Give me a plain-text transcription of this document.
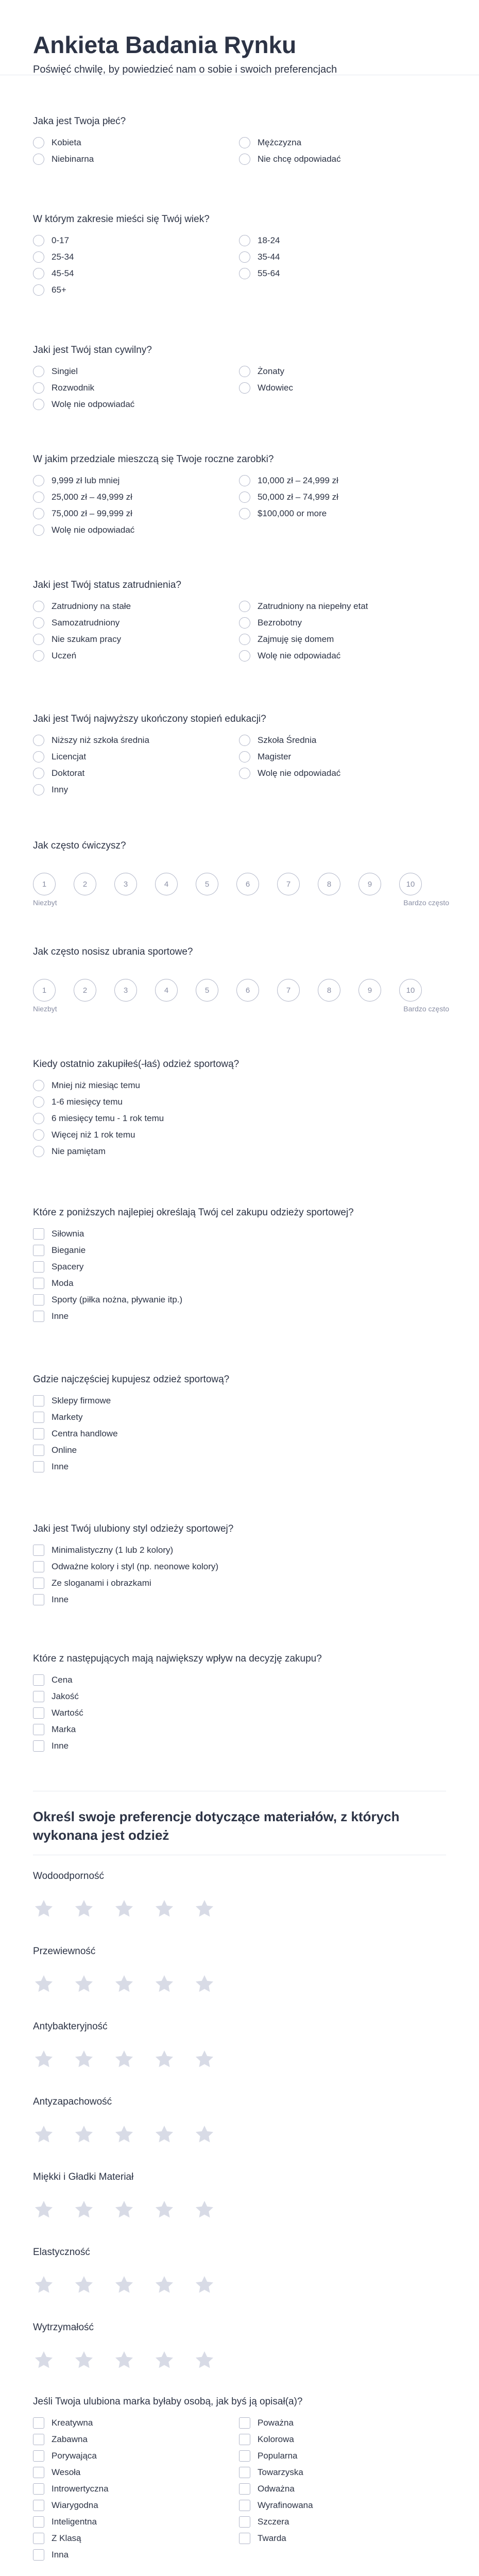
Ankieta Badania Rynku

Poświęć chwilę, by powiedzieć nam o sobie i swoich preferencjach

Jaka jest Twoja płeć?
Kobieta	Mężczyzna
Niebinarna	Nie chcę odpowiadać
W którym zakresie mieści się Twój wiek?
0-17	18-24
25-34	35-44
45-54	55-64
65+
Jaki jest Twój stan cywilny?
Singiel	Żonaty
Rozwodnik	Wdowiec
Wolę nie odpowiadać
W jakim przedziale mieszczą się Twoje roczne zarobki?
9,999 zł lub mniej	10,000 zł – 24,999 zł
25,000 zł – 49,999 zł	50,000 zł – 74,999 zł
75,000 zł – 99,999 zł	$100,000 or more
Wolę nie odpowiadać
Jaki jest Twój status zatrudnienia?
Zatrudniony na stałe	Zatrudniony na niepełny etat
Samozatrudniony	Bezrobotny
Nie szukam pracy	Zajmuję się domem
Uczeń	Wolę nie odpowiadać
Jaki jest Twój najwyższy ukończony stopień edukacji?
Niższy niż szkoła średnia	Szkoła Średnia
Licencjat	Magister
Doktorat	Wolę nie odpowiadać
Inny
Jak często ćwiczysz?
1	2	3	4	5	6	7	8	9	10
Niezbyt	Bardzo często
Jak często nosisz ubrania sportowe?
1	2	3	4	5	6	7	8	9	10
Niezbyt	Bardzo często
Kiedy ostatnio zakupiłeś(-łaś) odzież sportową?
Mniej niż miesiąc temu
1-6 miesięcy temu
6 miesięcy temu - 1 rok temu
Więcej niż 1 rok temu
Nie pamiętam
Które z poniższych najlepiej określają Twój cel zakupu odzieży sportowej?
Siłownia
Bieganie
Spacery
Moda
Sporty (piłka nożna, pływanie itp.)
Inne
Gdzie najczęściej kupujesz odzież sportową?
Sklepy firmowe
Markety
Centra handlowe
Online
Inne
Jaki jest Twój ulubiony styl odzieży sportowej?
Minimalistyczny (1 lub 2 kolory)
Odważne kolory i styl (np. neonowe kolory)
Ze sloganami i obrazkami
Inne
Które z następujących mają największy wpływ na decyzję zakupu?
Cena
Jakość
Wartość
Marka
Inne
Określ swoje preferencje dotyczące materiałów, z których wykonana jest odzież
Wodoodporność
Przewiewność
Antybakteryjność
Antyzapachowość
Miękki i Gładki Materiał
Elastyczność
Wytrzymałość
Jeśli Twoja ulubiona marka byłaby osobą, jak byś ją opisał(a)?
Kreatywna	Poważna
Zabawna	Kolorowa
Porywająca	Popularna
Wesoła	Towarzyska
Introwertyczna	Odważna
Wiarygodna	Wyrafinowana
Inteligentna	Szczera
Z Klasą	Twarda
Inna
